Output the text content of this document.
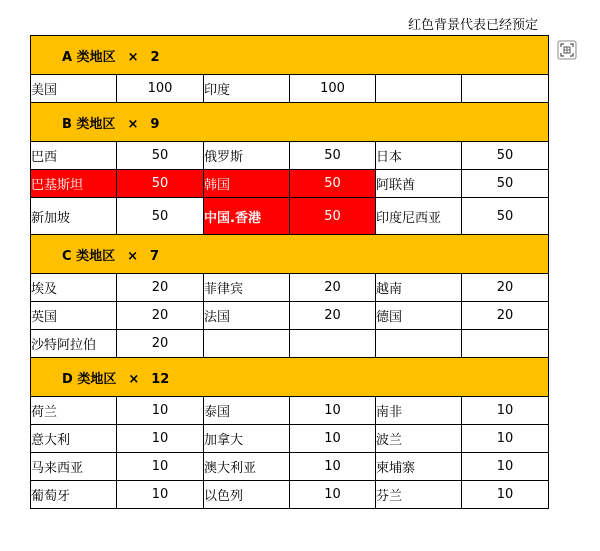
红色背景代表已经预定
A 类地区 × 2					
美国	100	印度	100		
B 类地区 × 9					
巴西	50	俄罗斯	50	日本	50
巴基斯坦	50	韩国	50	阿联酋	50
新加坡	50	中国.香港	50	印度尼西亚	50
C 类地区 × 7					
埃及	20	菲律宾	20	越南	20
英国	20	法国	20	德国	20
沙特阿拉伯	20				
D 类地区 × 12					
荷兰	10	泰国	10	南非	10
意大利	10	加拿大	10	波兰	10
马来西亚	10	澳大利亚	10	柬埔寨	10
葡萄牙	10	以色列	10	芬兰	10
